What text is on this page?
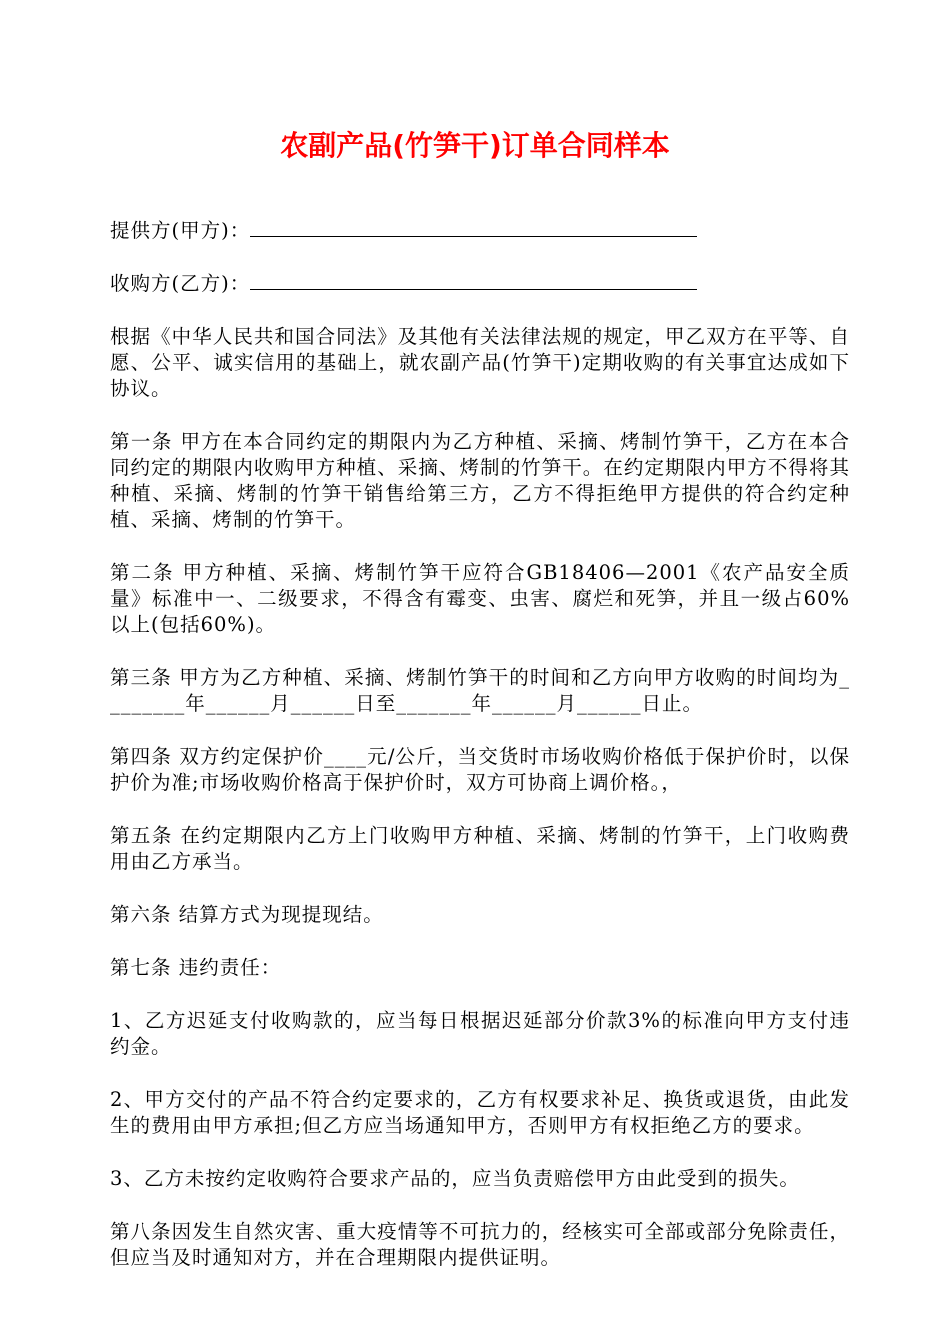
农副产品(竹笋干)订单合同样本
提供方(甲方)：
收购方(乙方)：

根据《中华人民共和国合同法》及其他有关法律法规的规定，甲乙双方在平等、自愿、公平、诚实信用的基础上，就农副产品(竹笋干)定期收购的有关事宜达成如下协议。

第一条 甲方在本合同约定的期限内为乙方种植、采摘、烤制竹笋干，乙方在本合同约定的期限内收购甲方种植、采摘、烤制的竹笋干。在约定期限内甲方不得将其种植、采摘、烤制的竹笋干销售给第三方，乙方不得拒绝甲方提供的符合约定种植、采摘、烤制的竹笋干。

第二条 甲方种植、采摘、烤制竹笋干应符合GB18406—2001《农产品安全质量》标准中一、二级要求，不得含有霉变、虫害、腐烂和死笋，并且一级占60%以上(包括60%)。

第三条 甲方为乙方种植、采摘、烤制竹笋干的时间和乙方向甲方收购的时间均为________年______月______日至_______年______月______日止。

第四条 双方约定保护价____元/公斤，当交货时市场收购价格低于保护价时，以保护价为准;市场收购价格高于保护价时，双方可协商上调价格。，

第五条 在约定期限内乙方上门收购甲方种植、采摘、烤制的竹笋干，上门收购费用由乙方承当。

第六条 结算方式为现提现结。

第七条 违约责任：

1、乙方迟延支付收购款的，应当每日根据迟延部分价款3%的标准向甲方支付违约金。

2、甲方交付的产品不符合约定要求的，乙方有权要求补足、换货或退货，由此发生的费用由甲方承担;但乙方应当场通知甲方，否则甲方有权拒绝乙方的要求。

3、乙方未按约定收购符合要求产品的，应当负责赔偿甲方由此受到的损失。

第八条因发生自然灾害、重大疫情等不可抗力的，经核实可全部或部分免除责任，但应当及时通知对方，并在合理期限内提供证明。
